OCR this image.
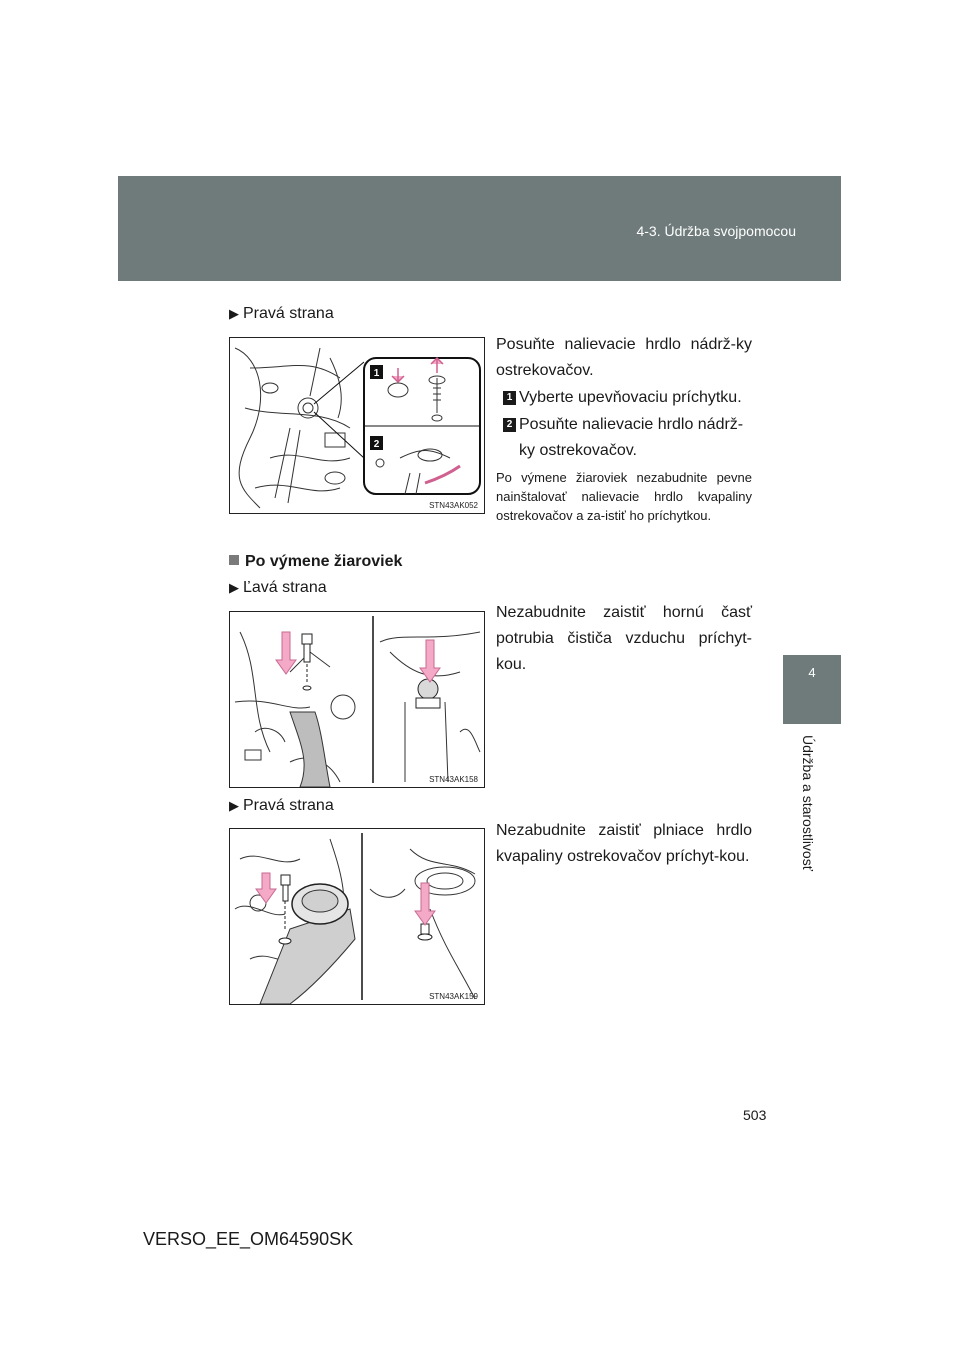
4-3. Údržba svojpomocou
4
Údržba a starostlivosť
▶ Pravá strana
1
2
STN43AK052
Posuňte nalievacie hrdlo nádrž-ky ostrekovačov.
1 Vyberte upevňovaciu príchytku.
2 Posuňte nalievacie hrdlo nádrž-ky ostrekovačov.
Po výmene žiaroviek nezabudnite pevne nainštalovať nalievacie hrdlo kvapaliny ostrekovačov a za-istiť ho príchytkou.
Po výmene žiaroviek
▶ Ľavá strana
STN43AK158
Nezabudnite zaistiť hornú časť potrubia čističa vzduchu príchyt-kou.
▶ Pravá strana
STN43AK159
Nezabudnite zaistiť plniace hrdlo kvapaliny ostrekovačov príchyt-kou.
503
VERSO_EE_OM64590SK
